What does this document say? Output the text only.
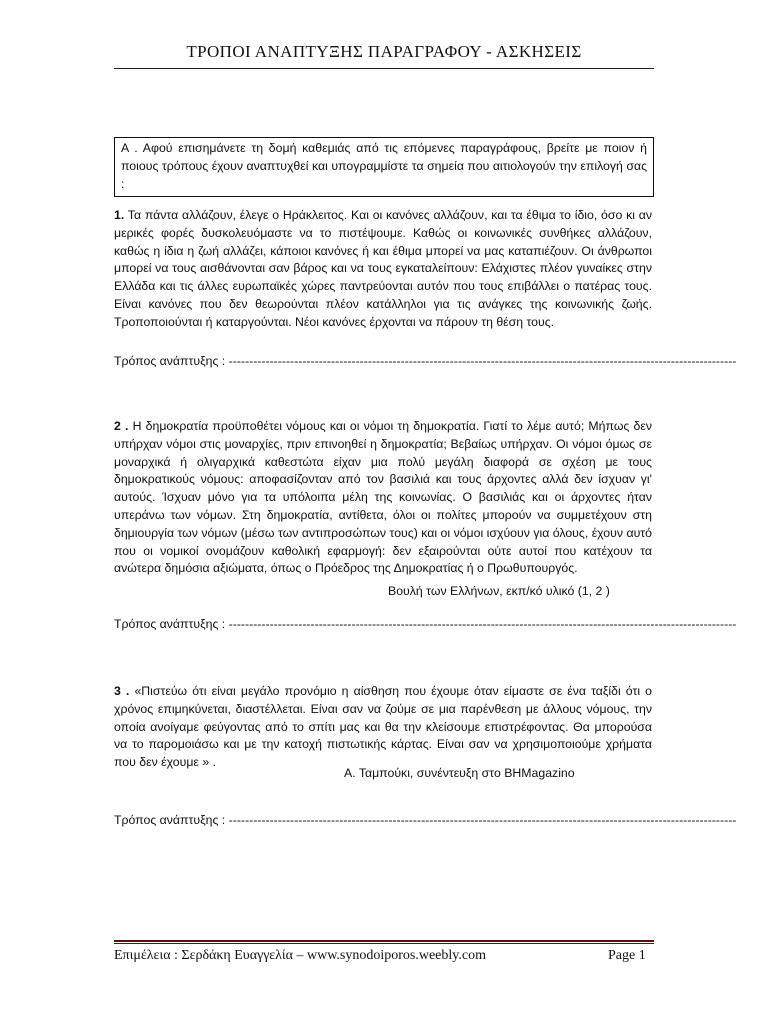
ΤΡΟΠΟΙ ΑΝΑΠΤΥΞΗΣ ΠΑΡΑΓΡΑΦΟΥ - ΑΣΚΗΣΕΙΣ
Α . Αφού επισημάνετε τη δομή καθεμιάς από τις επόμενες παραγράφους, βρείτε με ποιον ή ποιους τρόπους έχουν αναπτυχθεί και υπογραμμίστε τα σημεία που αιτιολογούν την επιλογή σας :

1. Τα πάντα αλλάζουν, έλεγε ο Ηράκλειτος. Και οι κανόνες αλλάζουν, και τα έθιμα το ίδιο, όσο κι αν μερικές φορές δυσκολευόμαστε να το πιστέψουμε. Καθώς οι κοινωνικές συνθήκες αλλάζουν, καθώς η ίδια η ζωή αλλάζει, κάποιοι κανόνες ή και έθιμα μπορεί να μας καταπιέζουν. Οι άνθρωποι μπορεί να τους αισθάνονται σαν βάρος και να τους εγκαταλείπουν: Ελάχιστες πλέον γυναίκες στην Ελλάδα και τις άλλες ευρωπαϊκές χώρες παντρεύονται αυτόν που τους επιβάλλει ο πατέρας τους. Είναι κανόνες που δεν θεωρούνται πλέον κατάλληλοι για τις ανάγκες της κοινωνικής ζωής. Τροποποιούνται ή καταργούνται. Νέοι κανόνες έρχονται να πάρουν τη θέση τους.

Τρόπος ανάπτυξης : ----------------------------------------------------------------------------------------------------------------------------

2 . Η δημοκρατία προϋποθέτει νόμους και οι νόμοι τη δημοκρατία. Γιατί το λέμε αυτό; Μήπως δεν υπήρχαν νόμοι στις μοναρχίες, πριν επινοηθεί η δημοκρατία; Βεβαίως υπήρχαν. Οι νόμοι όμως σε μοναρχικά ή ολιγαρχικά καθεστώτα είχαν μια πολύ μεγάλη διαφορά σε σχέση με τους δημοκρατικούς νόμους: αποφασίζονταν από τον βασιλιά και τους άρχοντες αλλά δεν ίσχυαν γι' αυτούς. Ίσχυαν μόνο για τα υπόλοιπα μέλη της κοινωνίας. Ο βασιλιάς και οι άρχοντες ήταν υπεράνω των νόμων. Στη δημοκρατία, αντίθετα, όλοι οι πολίτες μπορούν να συμμετέχουν στη δημιουργία των νόμων (μέσω των αντιπροσώπων τους) και οι νόμοι ισχύουν για όλους, έχουν αυτό που οι νομικοί ονομάζουν καθολική εφαρμογή: δεν εξαιρούνται ούτε αυτοί που κατέχουν τα ανώτερα δημόσια αξιώματα, όπως ο Πρόεδρος της Δημοκρατίας ή ο Πρωθυπουργός.

Βουλή των Ελλήνων, εκπ/κό υλικό (1, 2 )
Τρόπος ανάπτυξης : ----------------------------------------------------------------------------------------------------------------------------

3 . «Πιστεύω ότι είναι μεγάλο προνόμιο η αίσθηση που έχουμε όταν είμαστε σε ένα ταξίδι ότι ο χρόνος επιμηκύνεται, διαστέλλεται. Είναι σαν να ζούμε σε μια παρένθεση με άλλους νόμους, την οποία ανοίγαμε φεύγοντας από το σπίτι μας και θα την κλείσουμε επιστρέφοντας. Θα μπορούσα να το παρομοιάσω και με την κατοχή πιστωτικής κάρτας. Είναι σαν να χρησιμοποιούμε χρήματα που δεν έχουμε » .

Α. Ταμπούκι, συνέντευξη στο BHMagazino
Τρόπος ανάπτυξης : ----------------------------------------------------------------------------------------------------------------------------
Επιμέλεια : Σερδάκη Ευαγγελία – www.synodoiporos.weebly.com	Page 1
